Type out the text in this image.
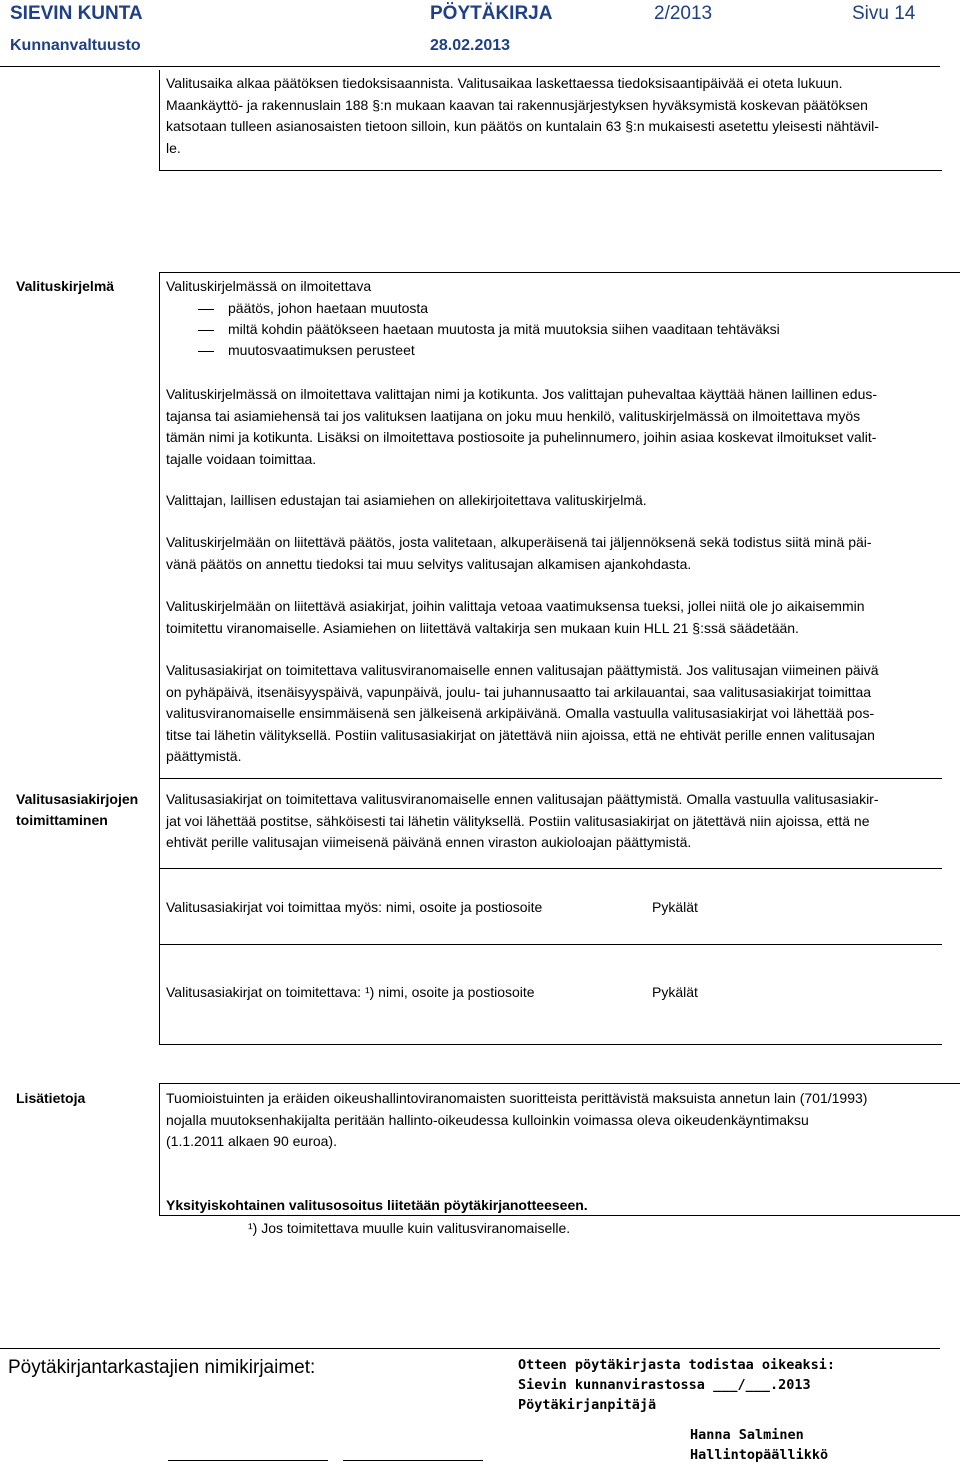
SIEVIN KUNTA	PÖYTÄKIRJA	2/2013	Sivu 14
Kunnanvaltuusto	28.02.2013
Valitusaika alkaa päätöksen tiedoksisaannista. Valitusaikaa laskettaessa tiedoksisaantipäivää ei oteta lukuun.
Maankäyttö- ja rakennuslain 188 §:n mukaan kaavan tai rakennusjärjestyksen hyväksymistä koskevan päätöksen
katsotaan tulleen asianosaisten tietoon silloin, kun päätös on kuntalain 63 §:n mukaisesti asetettu yleisesti nähtävil-
le.
Valituskirjelmä	Valituskirjelmässä on ilmoitettava
päätös, johon haetaan muutosta
miltä kohdin päätökseen haetaan muutosta ja mitä muutoksia siihen vaaditaan tehtäväksi
muutosvaatimuksen perusteet
Valituskirjelmässä on ilmoitettava valittajan nimi ja kotikunta. Jos valittajan puhevaltaa käyttää hänen laillinen edus-
tajansa tai asiamiehensä tai jos valituksen laatijana on joku muu henkilö, valituskirjelmässä on ilmoitettava myös
tämän nimi ja kotikunta. Lisäksi on ilmoitettava postiosoite ja puhelinnumero, joihin asiaa koskevat ilmoitukset valit-
tajalle voidaan toimittaa.
Valittajan, laillisen edustajan tai asiamiehen on allekirjoitettava valituskirjelmä.
Valituskirjelmään on liitettävä päätös, josta valitetaan, alkuperäisenä tai jäljennöksenä sekä todistus siitä minä päi-
vänä päätös on annettu tiedoksi tai muu selvitys valitusajan alkamisen ajankohdasta.
Valituskirjelmään on liitettävä asiakirjat, joihin valittaja vetoaa vaatimuksensa tueksi, jollei niitä ole jo aikaisemmin
toimitettu viranomaiselle. Asiamiehen on liitettävä valtakirja sen mukaan kuin HLL 21 §:ssä säädetään.
Valitusasiakirjat on toimitettava valitusviranomaiselle ennen valitusajan päättymistä. Jos valitusajan viimeinen päivä
on pyhäpäivä, itsenäisyyspäivä, vapunpäivä, joulu- tai juhannusaatto tai arkilauantai, saa valitusasiakirjat toimittaa
valitusviranomaiselle ensimmäisenä sen jälkeisenä arkipäivänä. Omalla vastuulla valitusasiakirjat voi lähettää pos-
titse tai lähetin välityksellä. Postiin valitusasiakirjat on jätettävä niin ajoissa, että ne ehtivät perille ennen valitusajan
päättymistä.
Valitusasiakirjojen
toimittaminen
Valitusasiakirjat on toimitettava valitusviranomaiselle ennen valitusajan päättymistä. Omalla vastuulla valitusasiakir-
jat voi lähettää postitse, sähköisesti tai lähetin välityksellä. Postiin valitusasiakirjat on jätettävä niin ajoissa, että ne
ehtivät perille valitusajan viimeisenä päivänä ennen viraston aukioloajan päättymistä.
Valitusasiakirjat voi toimittaa myös: nimi, osoite ja postiosoite	Pykälät
Valitusasiakirjat on toimitettava: ¹) nimi, osoite ja postiosoite	Pykälät
Lisätietoja	Tuomioistuinten ja eräiden oikeushallintoviranomaisten suoritteista perittävistä maksuista annetun lain (701/1993)
nojalla muutoksenhakijalta peritään hallinto-oikeudessa kulloinkin voimassa oleva oikeudenkäyntimaksu
(1.1.2011 alkaen 90 euroa).
Yksityiskohtainen valitusosoitus liitetään pöytäkirjanotteeseen.
¹) Jos toimitettava muulle kuin valitusviranomaiselle.
Pöytäkirjantarkastajien nimikirjaimet:	Otteen pöytäkirjasta todistaa oikeaksi:
Sievin kunnanvirastossa ___/___.2013
Pöytäkirjanpitäjä
Hanna Salminen
Hallintopäällikkö
